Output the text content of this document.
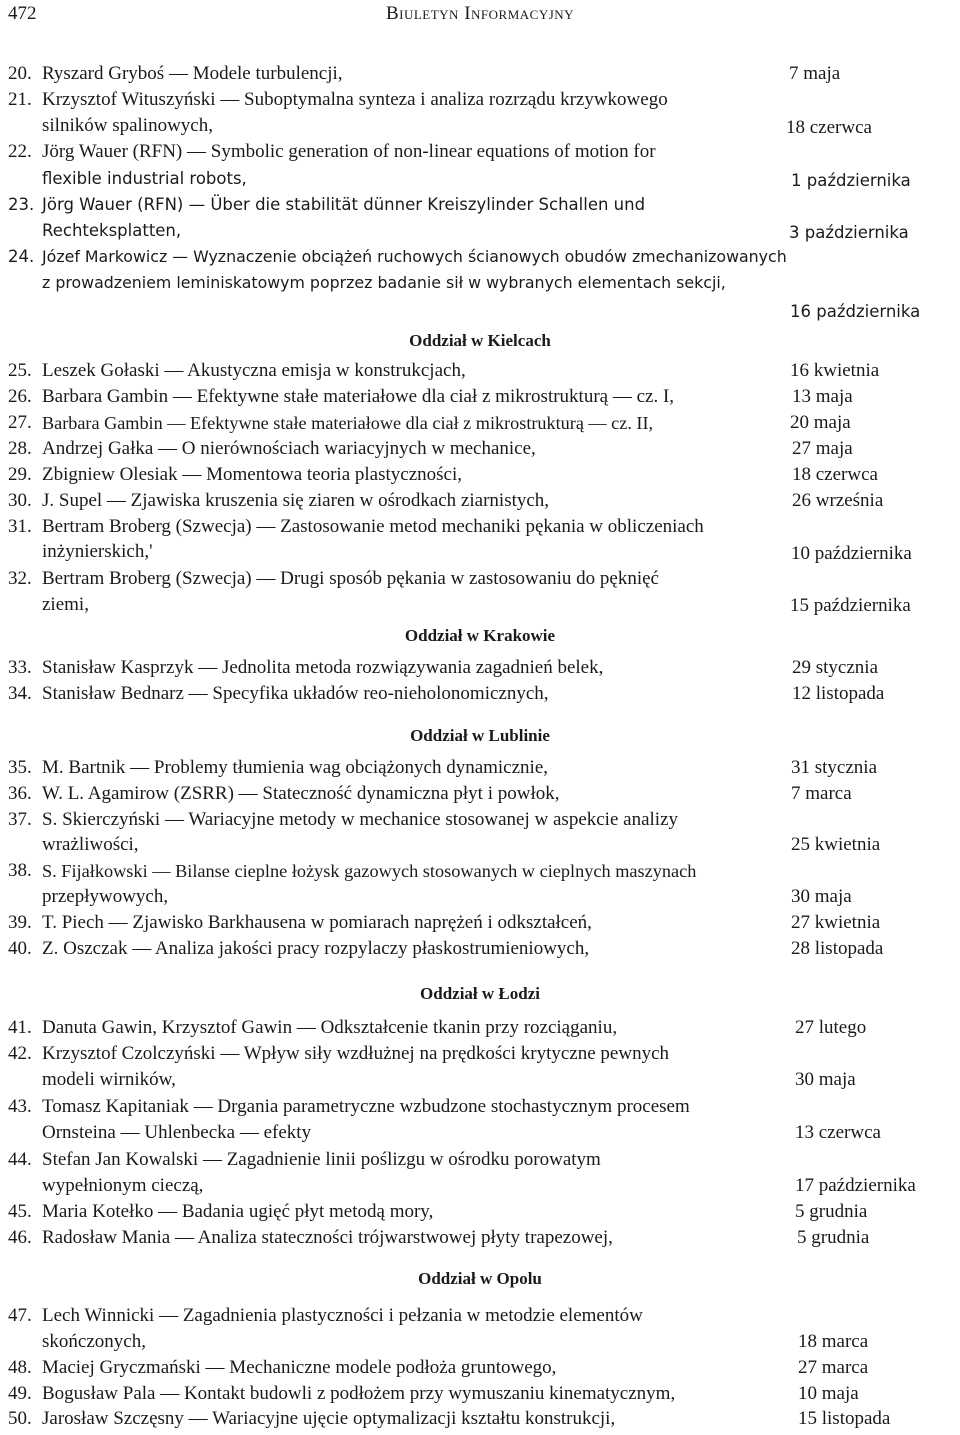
472	Biuletyn Informacyjny
20. Ryszard Gryboś — Modele turbulencji,	7 maja
21. Krzysztof Wituszyński — Suboptymalna synteza i analiza rozrządu krzywkowego
silników spalinowych,	18 czerwca
22. Jörg Wauer (RFN) — Symbolic generation of non-linear equations of motion for
flexible industrial robots,	1 października
23. Jörg Wauer (RFN) — Über die stabilität dünner Kreiszylinder Schallen und
Rechteksplatten,	3 października
24. Józef Markowicz — Wyznaczenie obciążeń ruchowych ścianowych obudów zmechanizowanych
z prowadzeniem leminiskatowym poprzez badanie sił w wybranych elementach sekcji,
16 października
Oddział w Kielcach
25. Leszek Gołaski — Akustyczna emisja w konstrukcjach,	16 kwietnia
26. Barbara Gambin — Efektywne stałe materiałowe dla ciał z mikrostrukturą — cz. I,	13 maja
27. Barbara Gambin — Efektywne stałe materiałowe dla ciał z mikrostrukturą — cz. II,	20 maja
28. Andrzej Gałka — O nierównościach wariacyjnych w mechanice,	27 maja
29. Zbigniew Olesiak — Momentowa teoria plastyczności,	18 czerwca
30. J. Supel — Zjawiska kruszenia się ziaren w ośrodkach ziarnistych,	26 września
31. Bertram Broberg (Szwecja) — Zastosowanie metod mechaniki pękania w obliczeniach
inżynierskich,'	10 października
32. Bertram Broberg (Szwecja) — Drugi sposób pękania w zastosowaniu do pęknięć
ziemi,	15 października
Oddział w Krakowie
33. Stanisław Kasprzyk — Jednolita metoda rozwiązywania zagadnień belek,	29 stycznia
34. Stanisław Bednarz — Specyfika układów reo-nieholonomicznych,	12 listopada
Oddział w Lublinie
35. M. Bartnik — Problemy tłumienia wag obciążonych dynamicznie,	31 stycznia
36. W. L. Agamirow (ZSRR) — Stateczność dynamiczna płyt i powłok,	7 marca
37. S. Skierczyński — Wariacyjne metody w mechanice stosowanej w aspekcie analizy
wrażliwości,	25 kwietnia
38. S. Fijałkowski — Bilanse cieplne łożysk gazowych stosowanych w cieplnych maszynach
przepływowych,	30 maja
39. T. Piech — Zjawisko Barkhausena w pomiarach naprężeń i odkształceń,	27 kwietnia
40. Z. Oszczak — Analiza jakości pracy rozpylaczy płaskostrumieniowych,	28 listopada
Oddział w Łodzi
41. Danuta Gawin, Krzysztof Gawin — Odkształcenie tkanin przy rozciąganiu,	27 lutego
42. Krzysztof Czolczyński — Wpływ siły wzdłużnej na prędkości krytyczne pewnych
modeli wirników,	30 maja
43. Tomasz Kapitaniak — Drgania parametryczne wzbudzone stochastycznym procesem
Ornsteina — Uhlenbecka — efekty	13 czerwca
44. Stefan Jan Kowalski — Zagadnienie linii poślizgu w ośrodku porowatym
wypełnionym cieczą,	17 października
45. Maria Kotełko — Badania ugięć płyt metodą mory,	5 grudnia
46. Radosław Mania — Analiza stateczności trójwarstwowej płyty trapezowej,	5 grudnia
Oddział w Opolu
47. Lech Winnicki — Zagadnienia plastyczności i pełzania w metodzie elementów
skończonych,	18 marca
48. Maciej Gryczmański — Mechaniczne modele podłoża gruntowego,	27 marca
49. Bogusław Pala — Kontakt budowli z podłożem przy wymuszaniu kinematycznym,	10 maja
50. Jarosław Szczęsny — Wariacyjne ujęcie optymalizacji kształtu konstrukcji,	15 listopada
